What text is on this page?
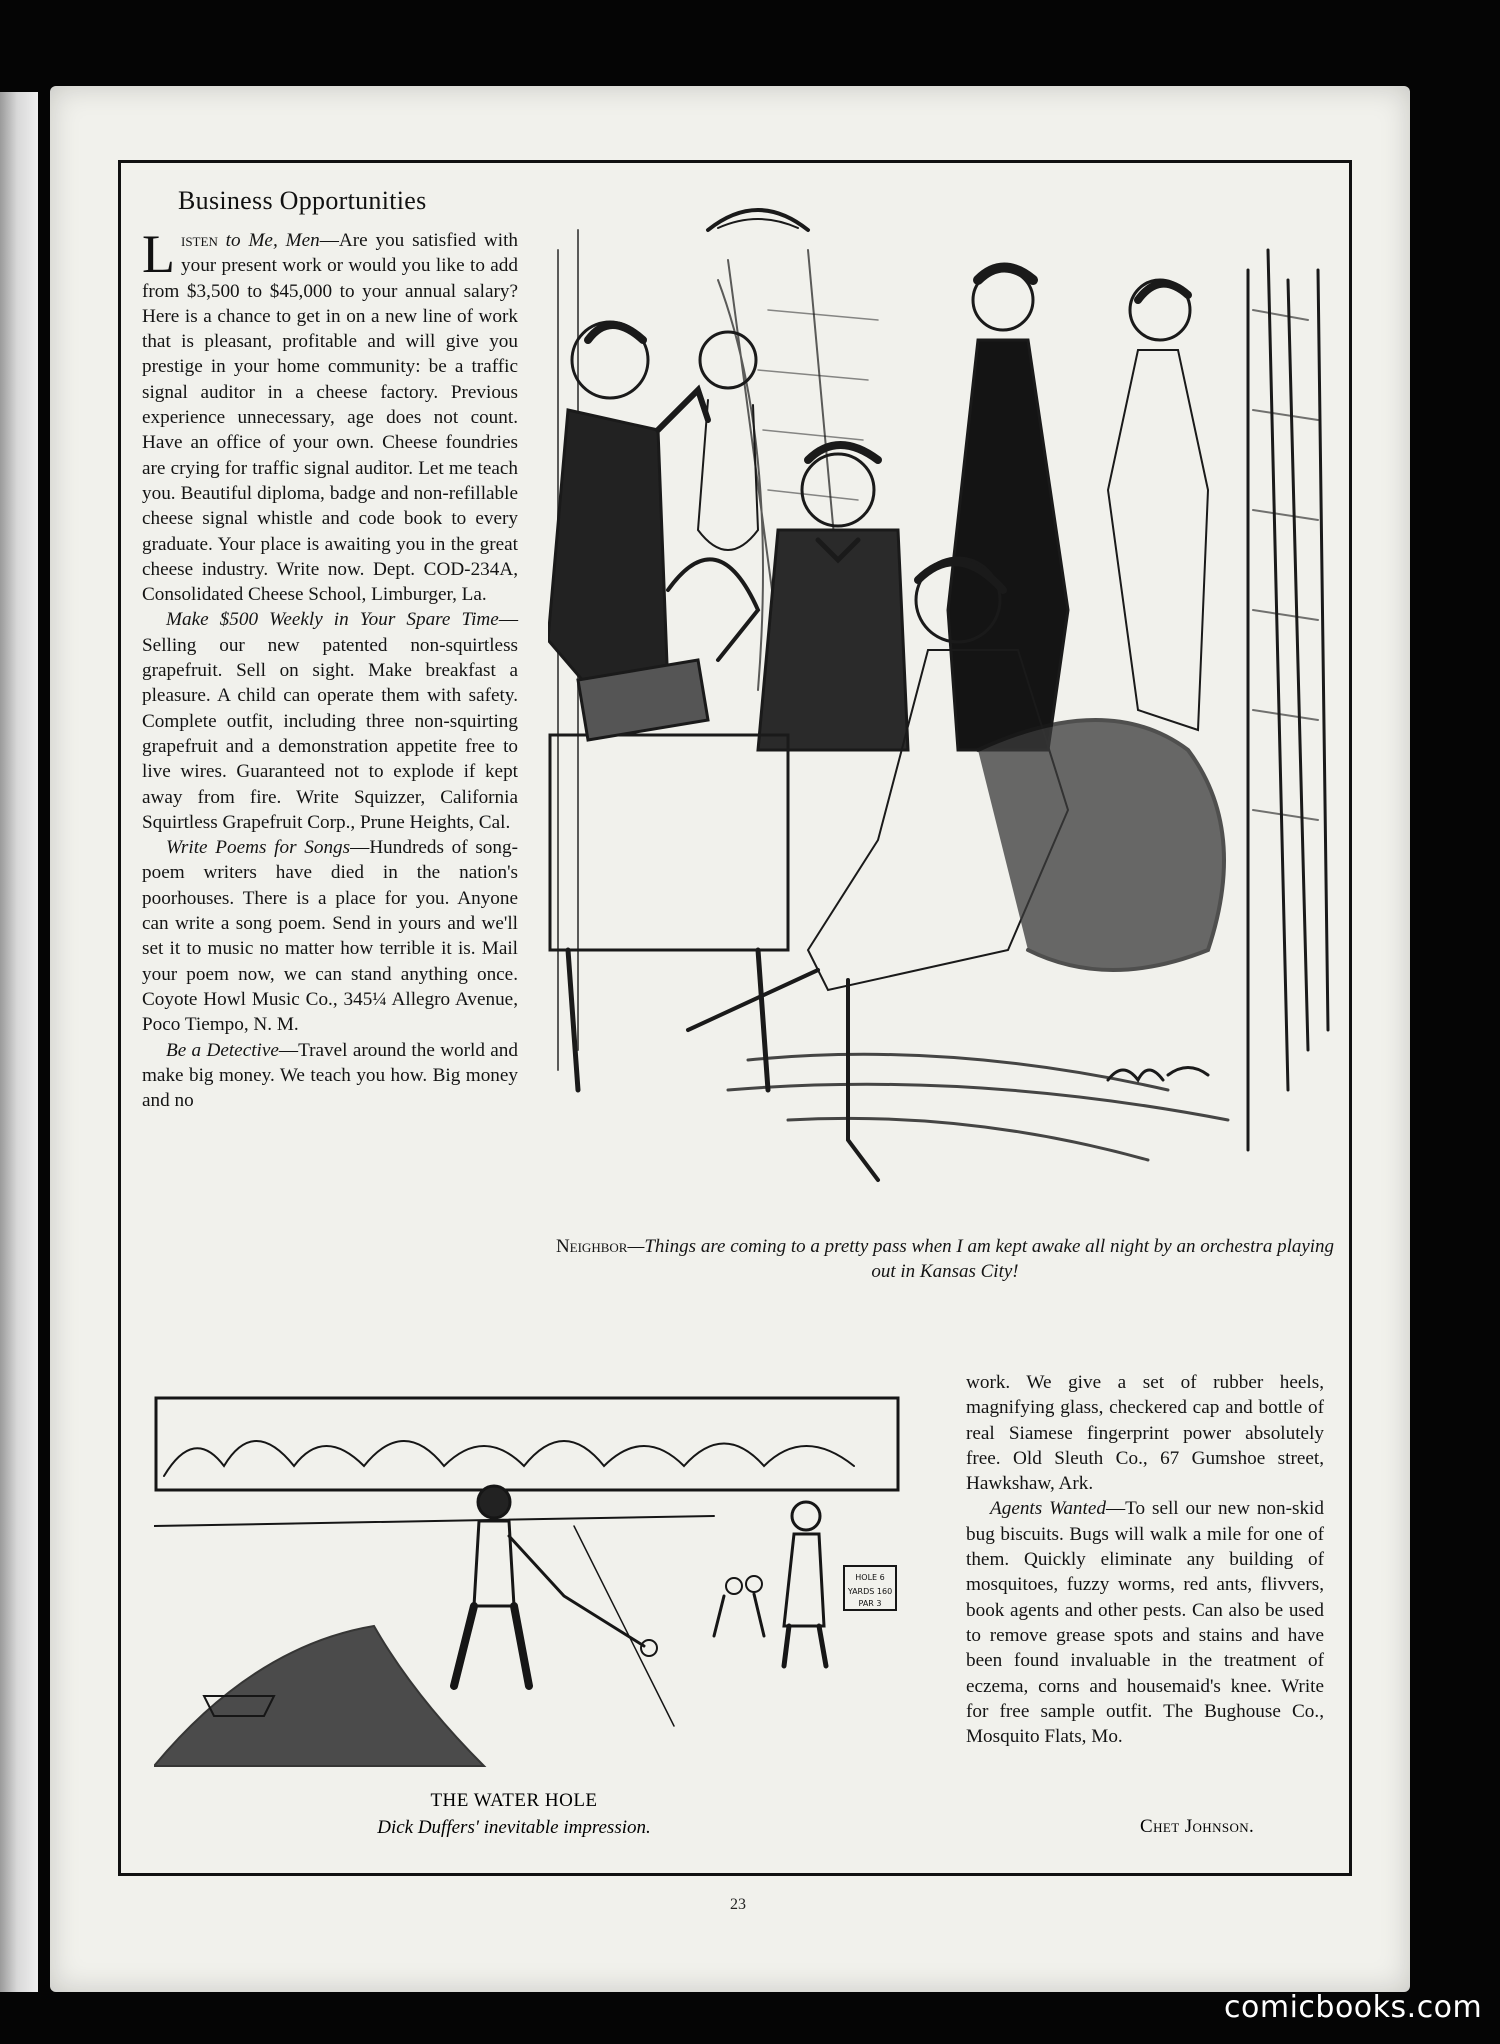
Business Opportunities

Listen to Me, Men—Are you satisfied with your present work or would you like to add from $3,500 to $45,000 to your annual salary? Here is a chance to get in on a new line of work that is pleasant, profitable and will give you prestige in your home community: be a traffic signal auditor in a cheese factory. Previous experience unnecessary, age does not count. Have an office of your own. Cheese foundries are crying for traffic signal auditor. Let me teach you. Beautiful diploma, badge and non-refillable cheese signal whistle and code book to every graduate. Your place is awaiting you in the great cheese industry. Write now. Dept. COD-234A, Consolidated Cheese School, Limburger, La.

Make $500 Weekly in Your Spare Time—Selling our new patented non-squirtless grapefruit. Sell on sight. Make breakfast a pleasure. A child can operate them with safety. Complete outfit, including three non-squirting grapefruit and a demonstration appetite free to live wires. Guaranteed not to explode if kept away from fire. Write Squizzer, California Squirtless Grapefruit Corp., Prune Heights, Cal.

Write Poems for Songs—Hundreds of song-poem writers have died in the nation's poorhouses. There is a place for you. Anyone can write a song poem. Send in yours and we'll set it to music no matter how terrible it is. Mail your poem now, we can stand anything once. Coyote Howl Music Co., 345¼ Allegro Avenue, Poco Tiempo, N. M.

Be a Detective—Travel around the world and make big money. We teach you how. Big money and no

Neighbor—Things are coming to a pretty pass when I am kept awake all night by an orchestra playing out in Kansas City!
HOLE 6
YARDS 160
PAR 3
THE WATER HOLE
Dick Duffers' inevitable impression.

work. We give a set of rubber heels, magnifying glass, checkered cap and bottle of real Siamese fingerprint power absolutely free. Old Sleuth Co., 67 Gumshoe street, Hawkshaw, Ark.

Agents Wanted—To sell our new non-skid bug biscuits. Bugs will walk a mile for one of them. Quickly eliminate any building of mosquitoes, fuzzy worms, red ants, flivvers, book agents and other pests. Can also be used to remove grease spots and stains and have been found invaluable in the treatment of eczema, corns and housemaid's knee. Write for free sample outfit. The Bughouse Co., Mosquito Flats, Mo.

Chet Johnson.
23
comicbooks.com
